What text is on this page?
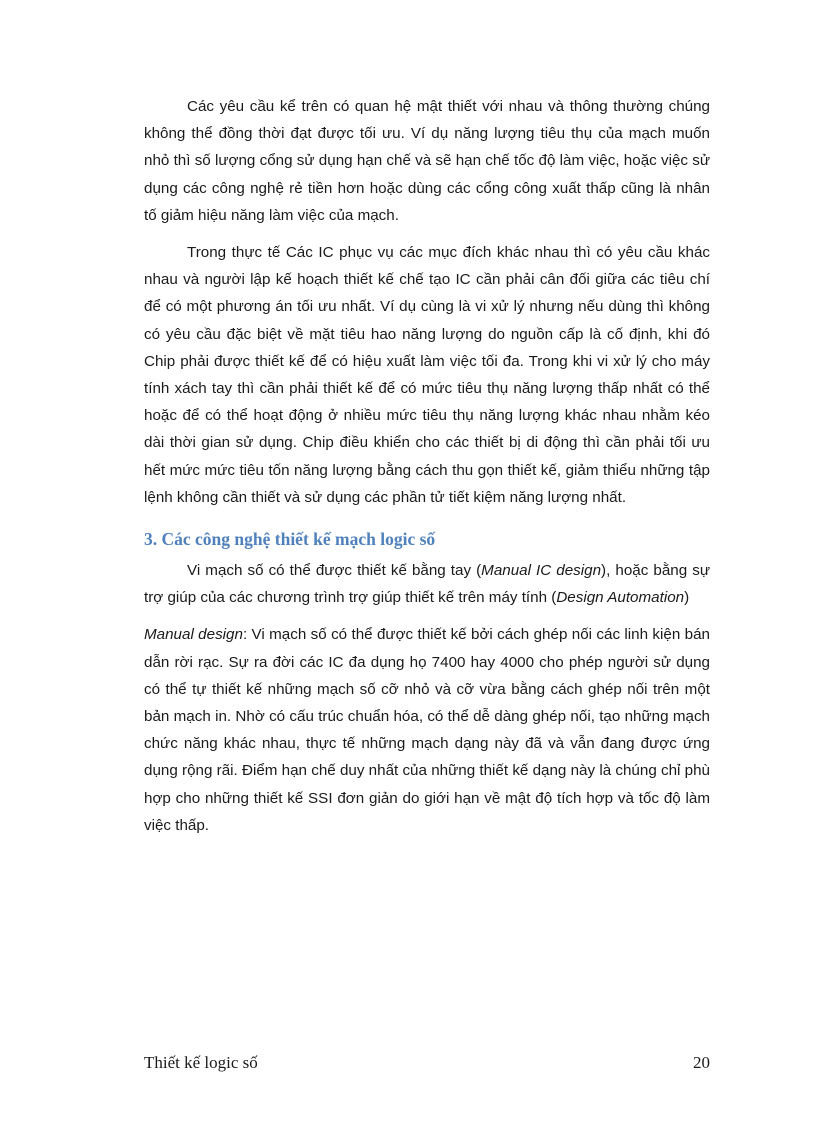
Các yêu cầu kể trên có quan hệ mật thiết với nhau và thông thường chúng không thể đồng thời đạt được tối ưu. Ví dụ năng lượng tiêu thụ của mạch muốn nhỏ thì số lượng cổng sử dụng hạn chế và sẽ hạn chế tốc độ làm việc, hoặc việc sử dụng các công nghệ rẻ tiền hơn hoặc dùng các cổng công xuất thấp cũng là nhân tố giảm hiệu năng làm việc của mạch.

Trong thực tế Các IC phục vụ các mục đích khác nhau thì có yêu cầu khác nhau và người lập kế hoạch thiết kế chế tạo IC cần phải cân đối giữa các tiêu chí để có một phương án tối ưu nhất. Ví dụ cùng là vi xử lý nhưng nếu dùng thì không có yêu cầu đặc biệt về mặt tiêu hao năng lượng do nguồn cấp là cố định, khi đó Chip phải được thiết kế để có hiệu xuất làm việc tối đa. Trong khi vi xử lý cho máy tính xách tay thì cần phải thiết kế để có mức tiêu thụ năng lượng thấp nhất có thể hoặc để có thể hoạt động ở nhiều mức tiêu thụ năng lượng khác nhau nhằm kéo dài thời gian sử dụng. Chip điều khiển cho các thiết bị di động thì cần phải tối ưu hết mức mức tiêu tốn năng lượng bằng cách thu gọn thiết kế, giảm thiểu những tập lệnh không cần thiết và sử dụng các phần tử tiết kiệm năng lượng nhất.

3. Các công nghệ thiết kế mạch logic số

Vi mạch số có thể được thiết kế bằng tay (Manual IC design), hoặc bằng sự trợ giúp của các chương trình trợ giúp thiết kế trên máy tính (Design Automation)

Manual design: Vi mạch số có thể được thiết kế bởi cách ghép nối các linh kiện bán dẫn rời rạc. Sự ra đời các IC đa dụng họ 7400 hay 4000 cho phép người sử dụng có thể tự thiết kế những mạch số cỡ nhỏ và cỡ vừa bằng cách ghép nối trên một bản mạch in. Nhờ có cấu trúc chuẩn hóa, có thể dễ dàng ghép nối, tạo những mạch chức năng khác nhau, thực tế những mạch dạng này đã và vẫn đang được ứng dụng rộng rãi. Điểm hạn chế duy nhất của những thiết kế dạng này là chúng chỉ phù hợp cho những thiết kế SSI đơn giản do giới hạn về mật độ tích hợp và tốc độ làm việc thấp.

Thiết kế logic số	20
